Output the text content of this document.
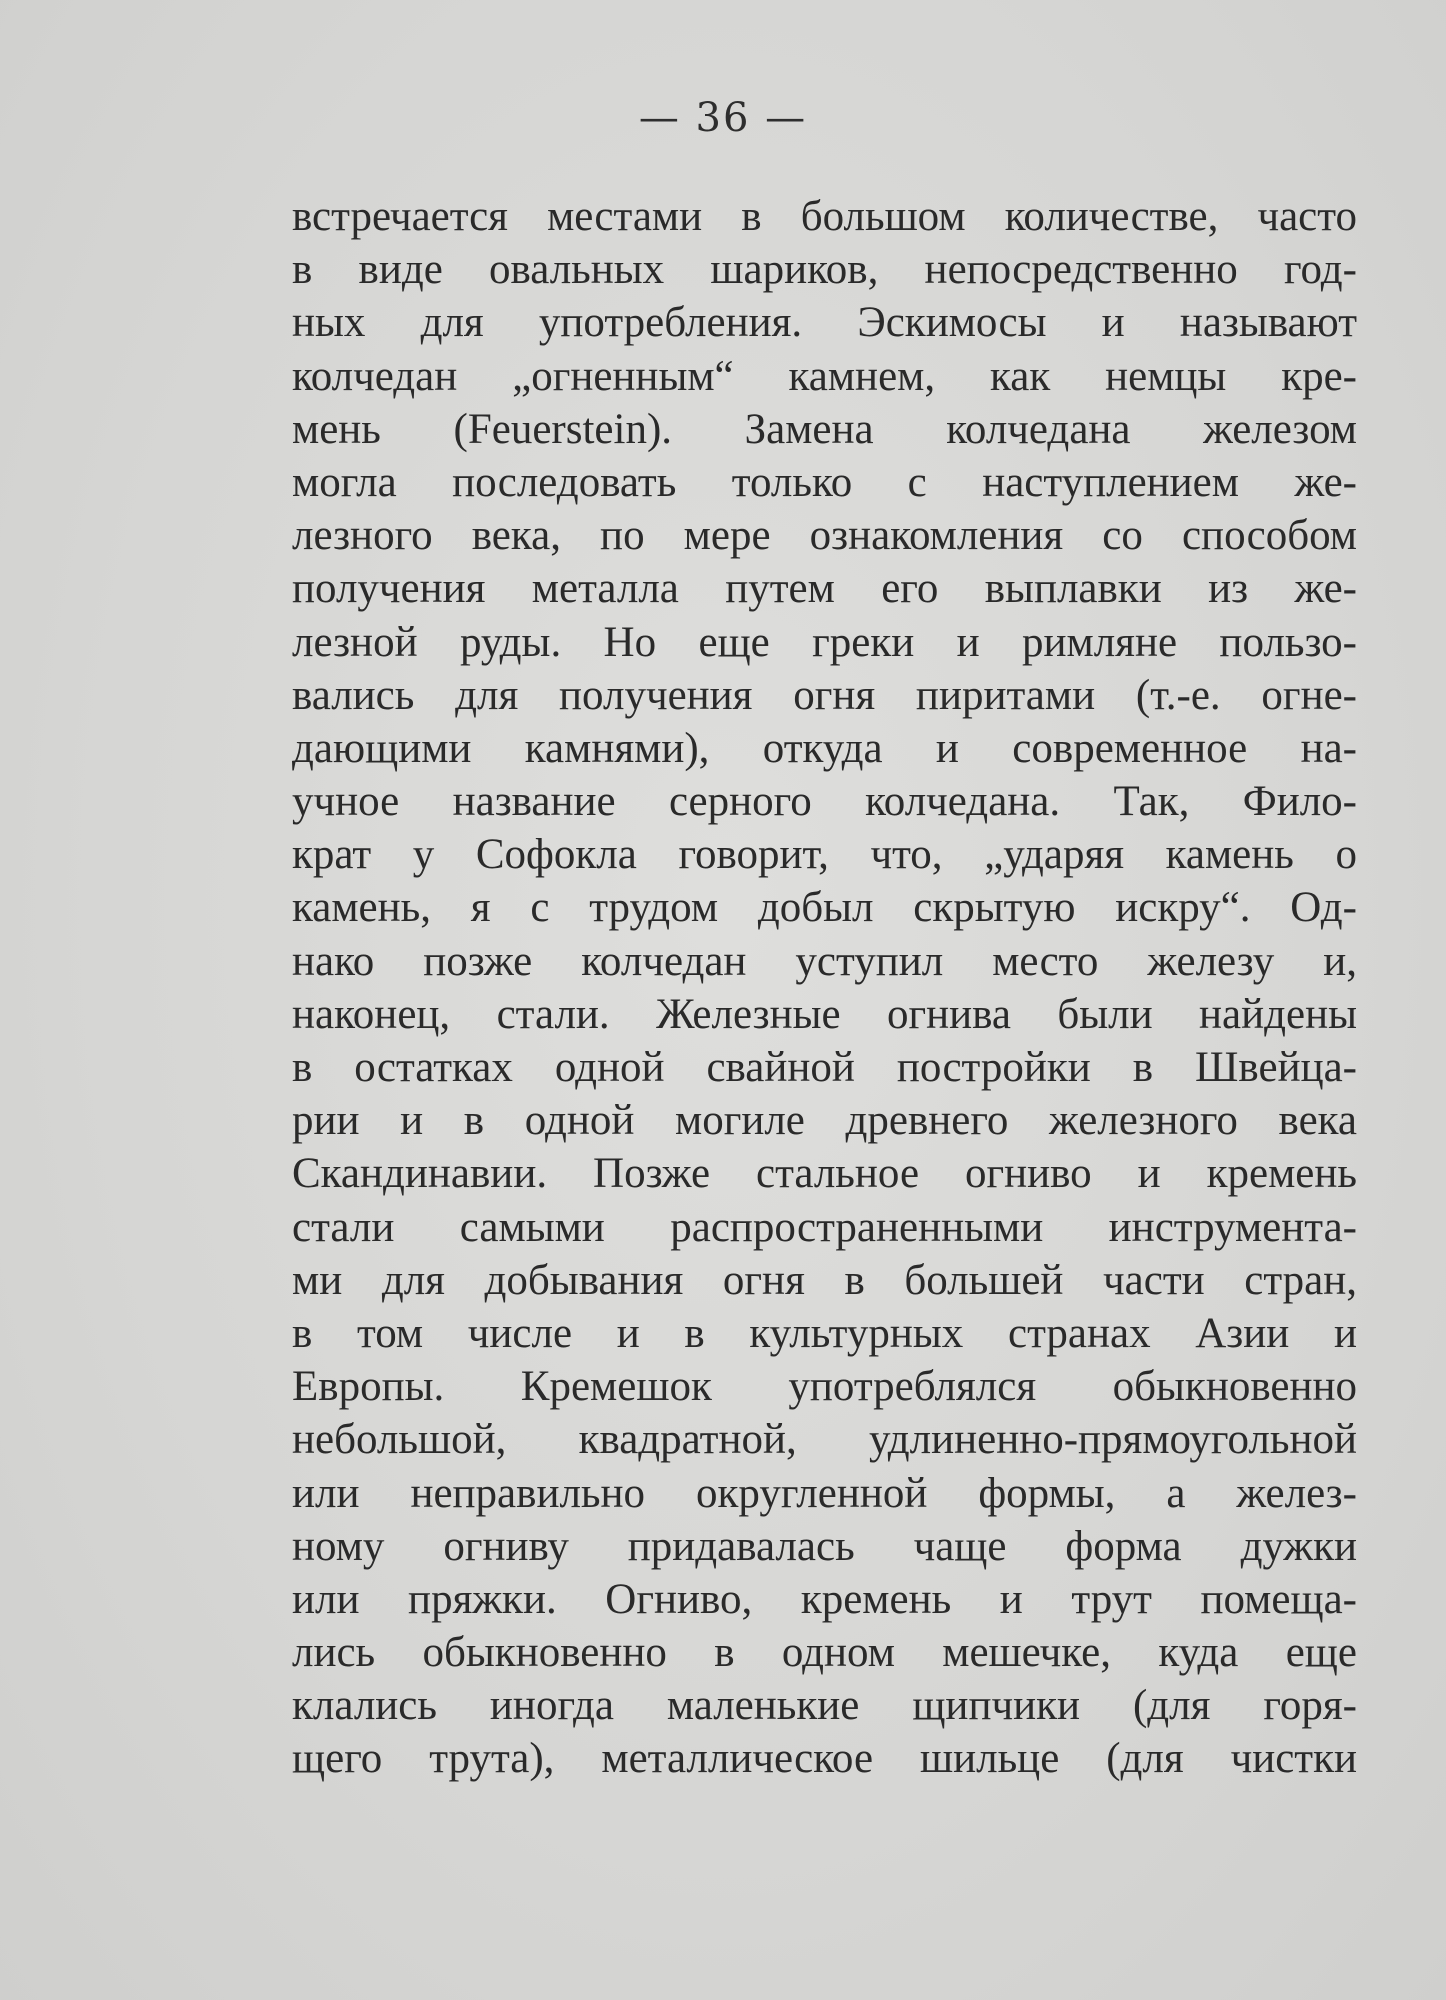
— 36 —
встречается местами в большом количестве, часто
в виде овальных шариков, непосредственно год-
ных для употребления. Эскимосы и называют
колчедан „огненным“ камнем, как немцы кре-
мень (Feuerstein). Замена колчедана железом
могла последовать только с наступлением же-
лезного века, по мере ознакомления со способом
получения металла путем его выплавки из же-
лезной руды. Но еще греки и римляне пользо-
вались для получения огня пиритами (т.-е. огне-
дающими камнями), откуда и современное на-
учное название серного колчедана. Так, Фило-
крат у Софокла говорит, что, „ударяя камень о
камень, я с трудом добыл скрытую искру“. Од-
нако позже колчедан уступил место железу и,
наконец, стали. Железные огнива были найдены
в остатках одной свайной постройки в Швейца-
рии и в одной могиле древнего железного века
Скандинавии. Позже стальное огниво и кремень
стали самыми распространенными инструмента-
ми для добывания огня в большей части стран,
в том числе и в культурных странах Азии и
Европы. Кремешок употреблялся обыкновенно
небольшой, квадратной, удлиненно-прямоугольной
или неправильно округленной формы, а желез-
ному огниву придавалась чаще форма дужки
или пряжки. Огниво, кремень и трут помеща-
лись обыкновенно в одном мешечке, куда еще
клались иногда маленькие щипчики (для горя-
щего трута), металлическое шильце (для чистки
